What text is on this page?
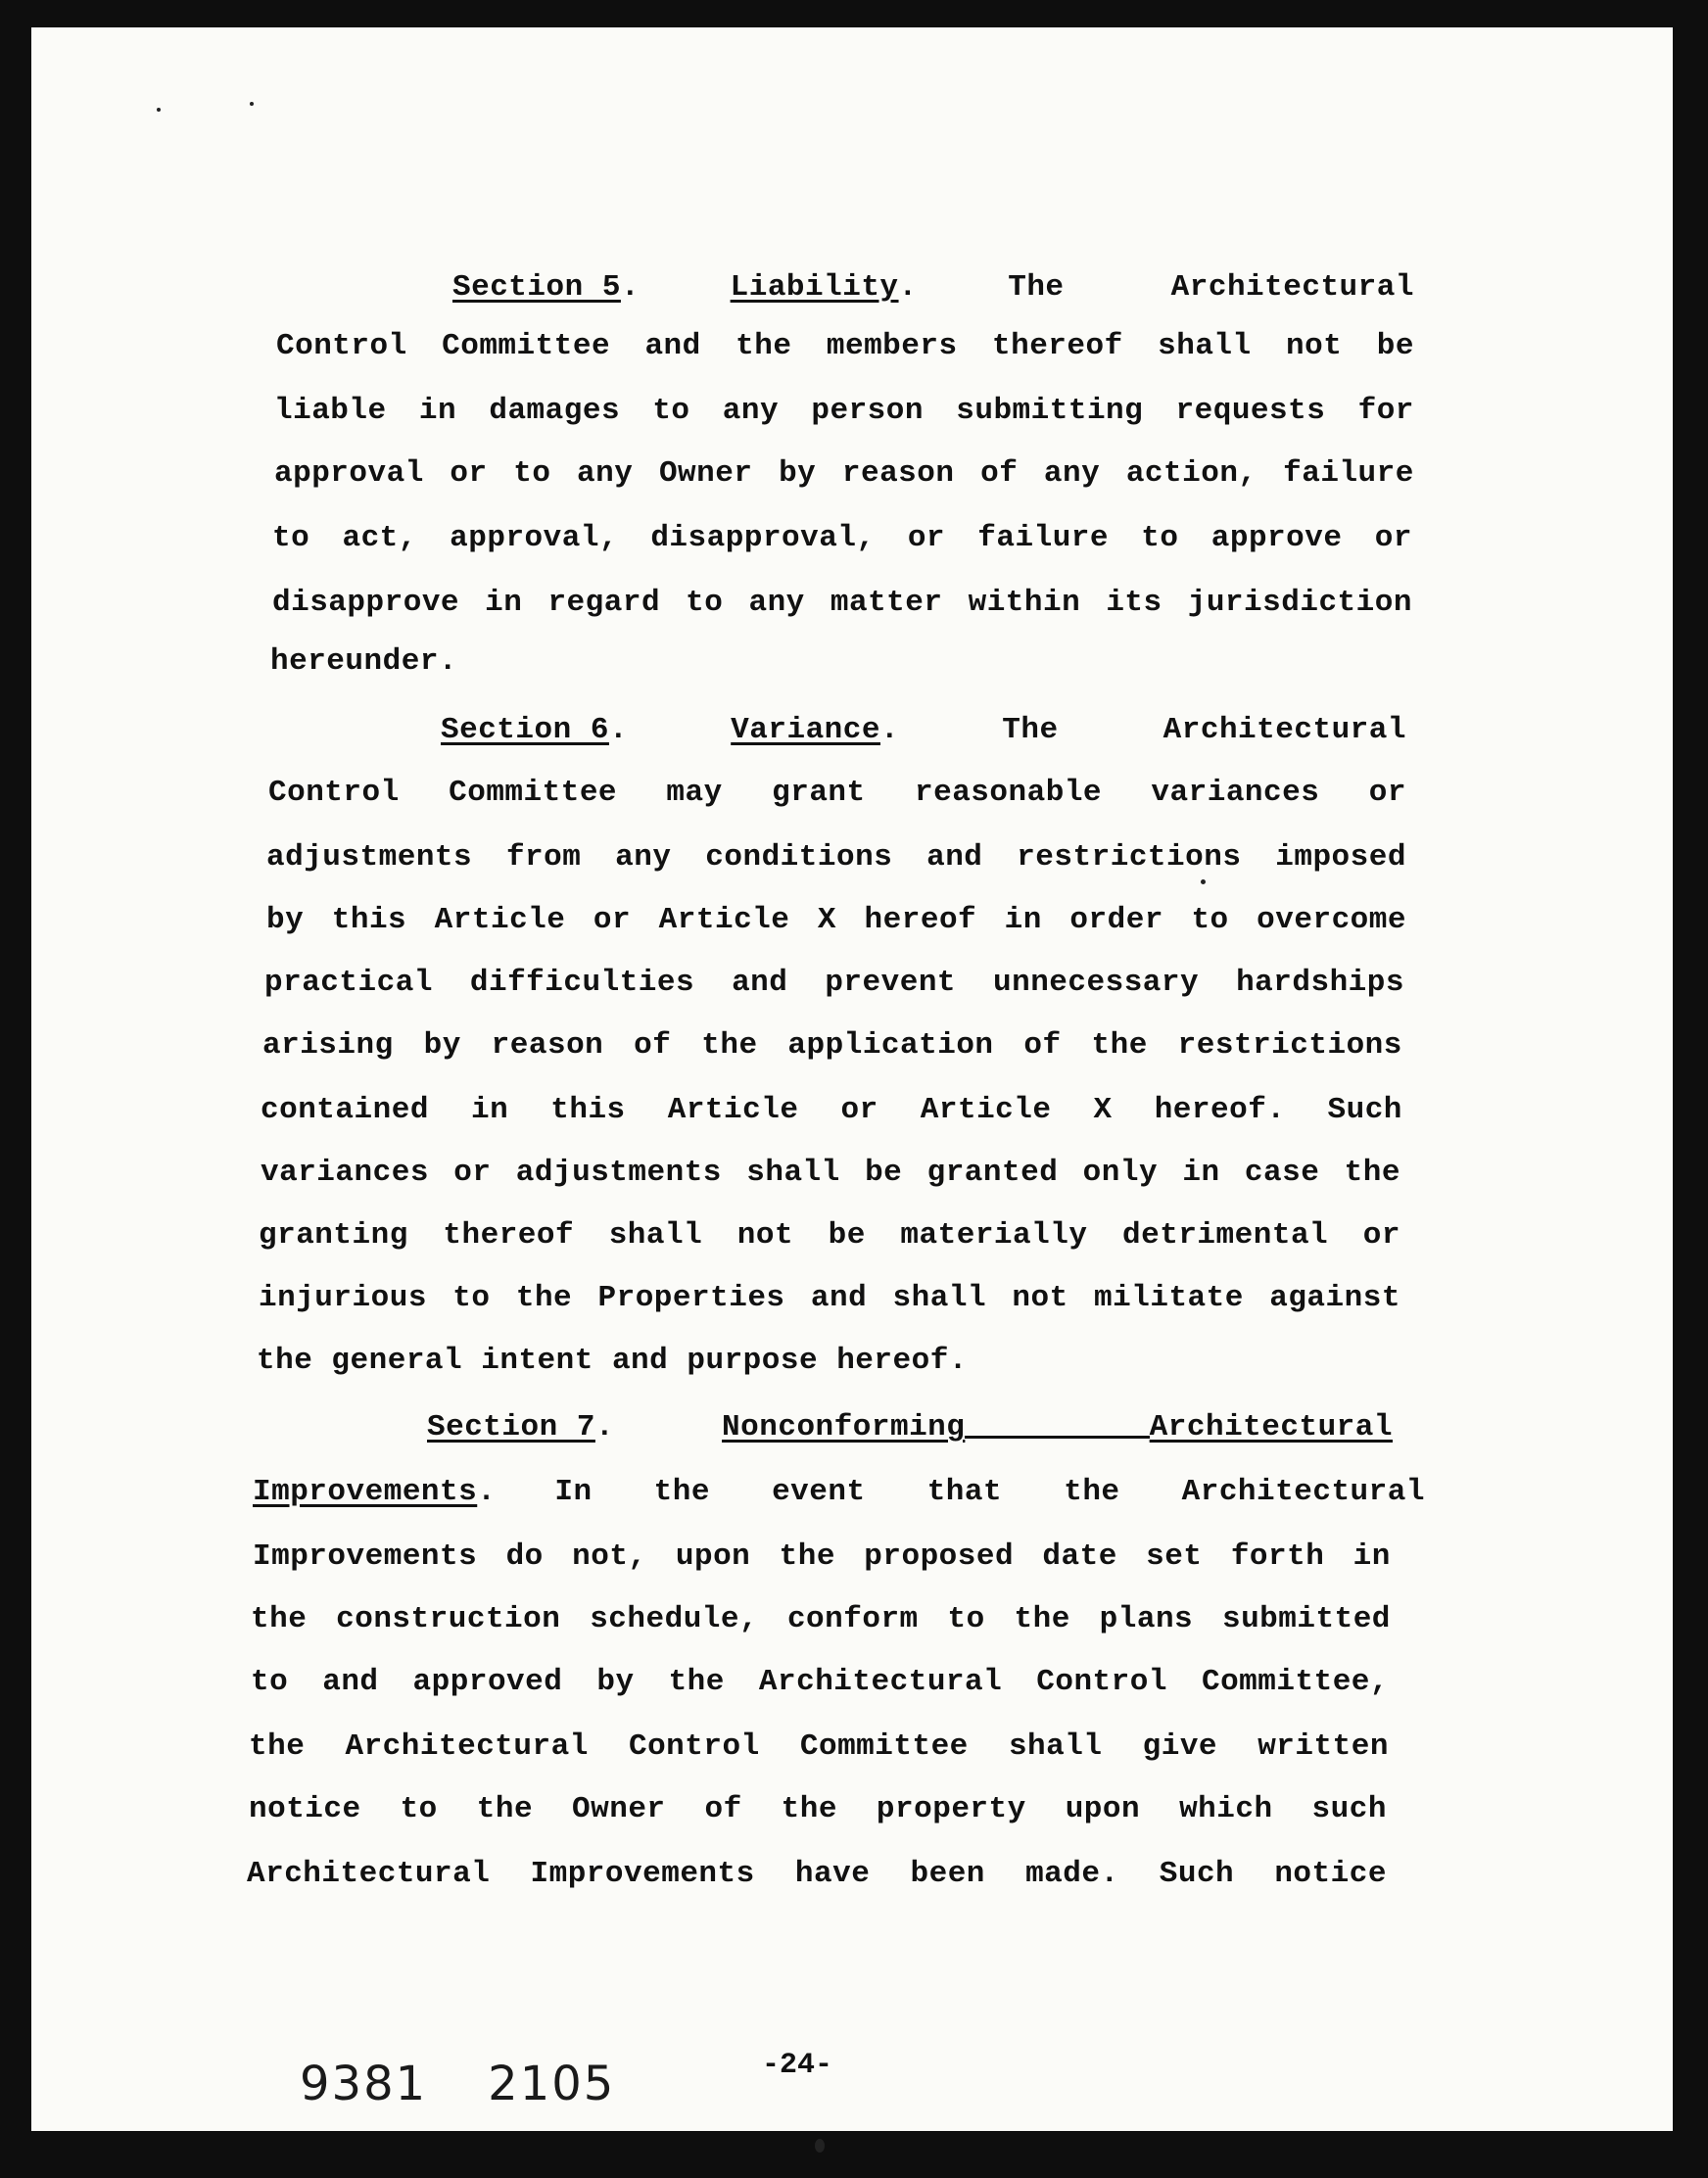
Section 5.	Liability.	The Architectural
Control Committee and the members thereof shall not be
liable in damages to any person submitting requests for
approval or to any Owner by reason of any action, failure
to act, approval, disapproval, or failure to approve or
disapprove in regard to any matter within its jurisdiction
hereunder.
Section 6.	Variance.	The Architectural
Control Committee may grant reasonable variances or
adjustments from any conditions and restrictions imposed
by this Article or Article X hereof in order to overcome
practical difficulties and prevent unnecessary hardships
arising by reason of the application of the restrictions
contained in this Article or Article X hereof. Such
variances or adjustments shall be granted only in case the
granting thereof shall not be materially detrimental or
injurious to the Properties and shall not militate against
the general intent and purpose hereof.
Section 7.	Nonconforming	Architectural
Improvements. In the event that the Architectural
Improvements do not, upon the proposed date set forth in
the construction schedule, conform to the plans submitted
to and approved by the Architectural Control Committee,
the Architectural Control Committee shall give written
notice to the Owner of the property upon which such
Architectural Improvements have been made. Such notice
9381 2105	-24-
